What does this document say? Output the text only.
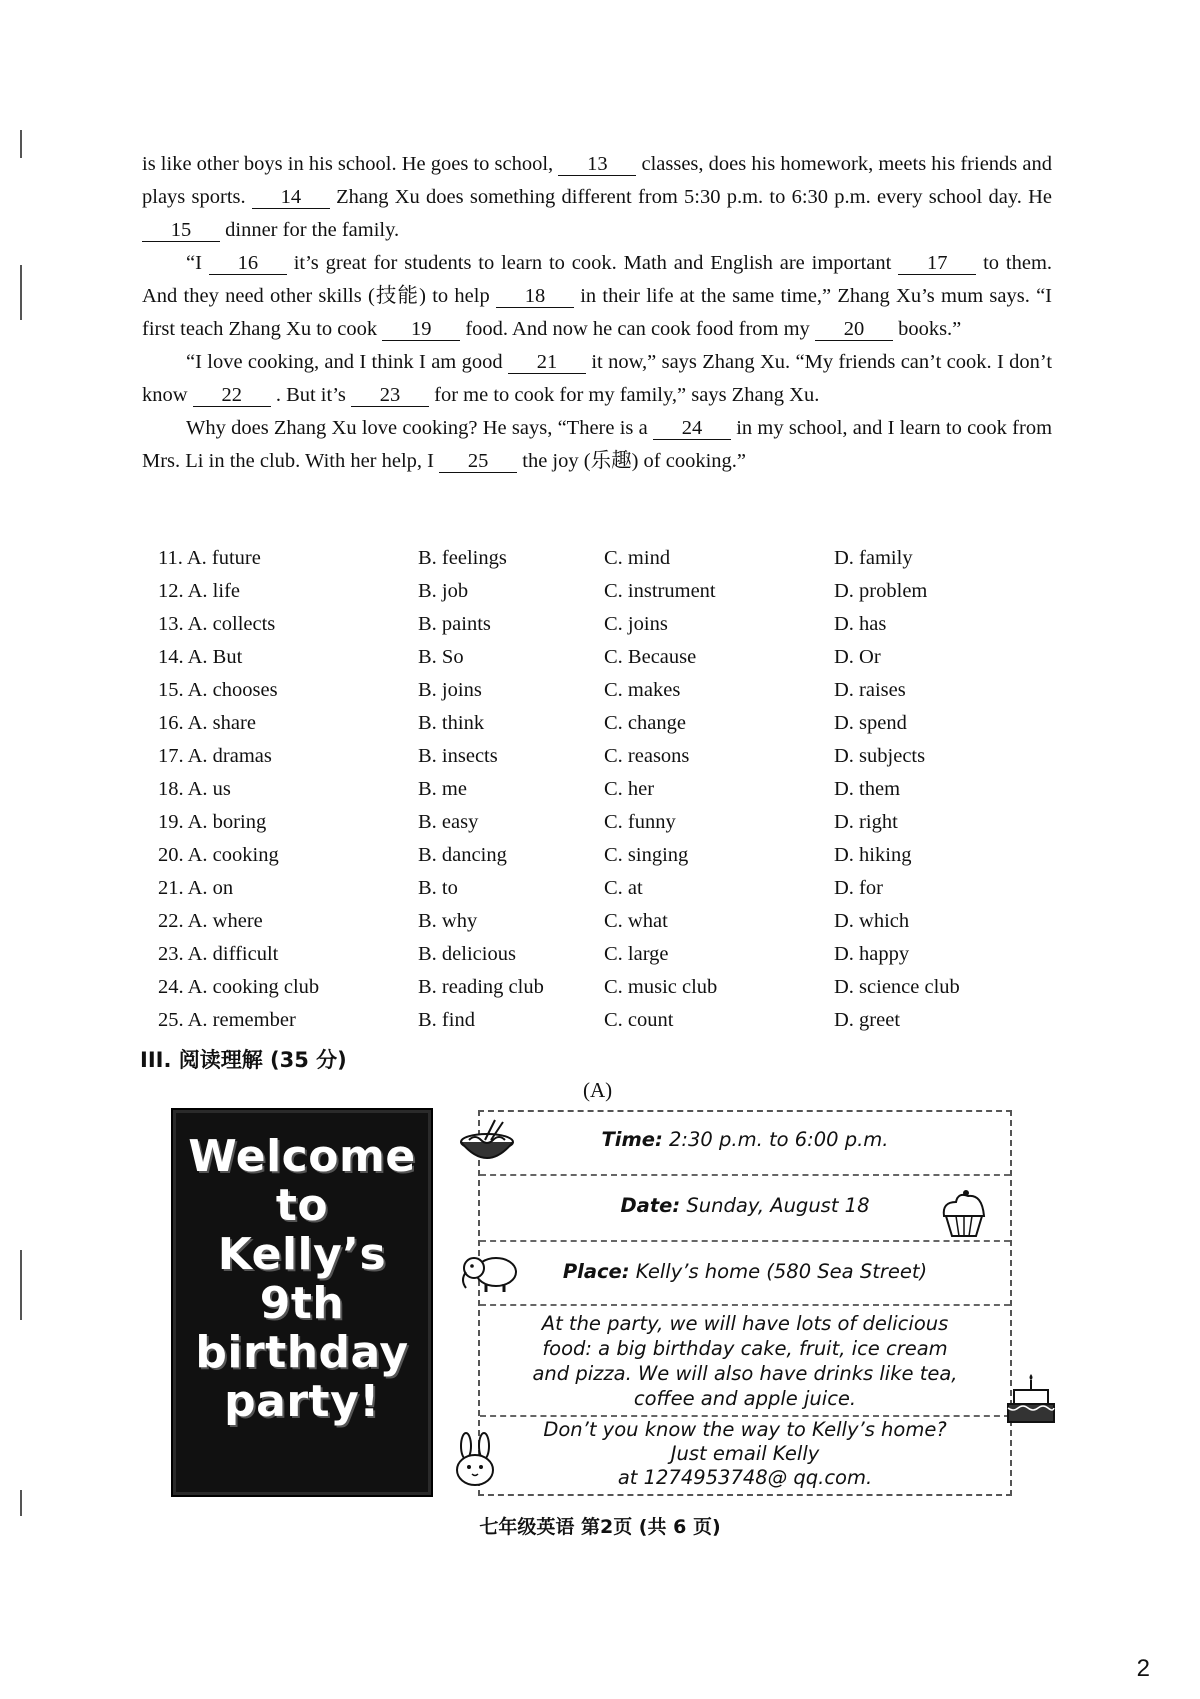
is like other boys in his school. He goes to school, 13 classes, does his homework, meets his friends and plays sports. 14 Zhang Xu does something different from 5:30 p.m. to 6:30 p.m. every school day. He 15 dinner for the family.

“I 16 it’s great for students to learn to cook. Math and English are important 17 to them. And they need other skills (技能) to help 18 in their life at the same time,” Zhang Xu’s mum says. “I first teach Zhang Xu to cook 19 food. And now he can cook food from my 20 books.”

“I love cooking, and I think I am good 21 it now,” says Zhang Xu. “My friends can’t cook. I don’t know 22 . But it’s 23 for me to cook for my family,” says Zhang Xu.

Why does Zhang Xu love cooking? He says, “There is a 24 in my school, and I learn to cook from Mrs. Li in the club. With her help, I 25 the joy (乐趣) of cooking.”

11. A. future	B. feelings	C. mind	D. family
12. A. life	B. job	C. instrument	D. problem
13. A. collects	B. paints	C. joins	D. has
14. A. But	B. So	C. Because	D. Or
15. A. chooses	B. joins	C. makes	D. raises
16. A. share	B. think	C. change	D. spend
17. A. dramas	B. insects	C. reasons	D. subjects
18. A. us	B. me	C. her	D. them
19. A. boring	B. easy	C. funny	D. right
20. A. cooking	B. dancing	C. singing	D. hiking
21. A. on	B. to	C. at	D. for
22. A. where	B. why	C. what	D. which
23. A. difficult	B. delicious	C. large	D. happy
24. A. cooking club	B. reading club	C. music club	D. science club
25. A. remember	B. find	C. count	D. greet
III. 阅读理解 (35 分)
(A)
Welcome
to
Kelly’s
9th
birthday
party!
Time: 2:30 p.m. to 6:00 p.m.
Date: Sunday, August 18
Place: Kelly’s home (580 Sea Street)
At the party, we will have lots of delicious
food: a big birthday cake, fruit, ice cream
and pizza. We will also have drinks like tea,
coffee and apple juice.
Don’t you know the way to Kelly’s home?
Just email Kelly
at 1274953748@ qq.com.
七年级英语 第2页 (共 6 页)
2
